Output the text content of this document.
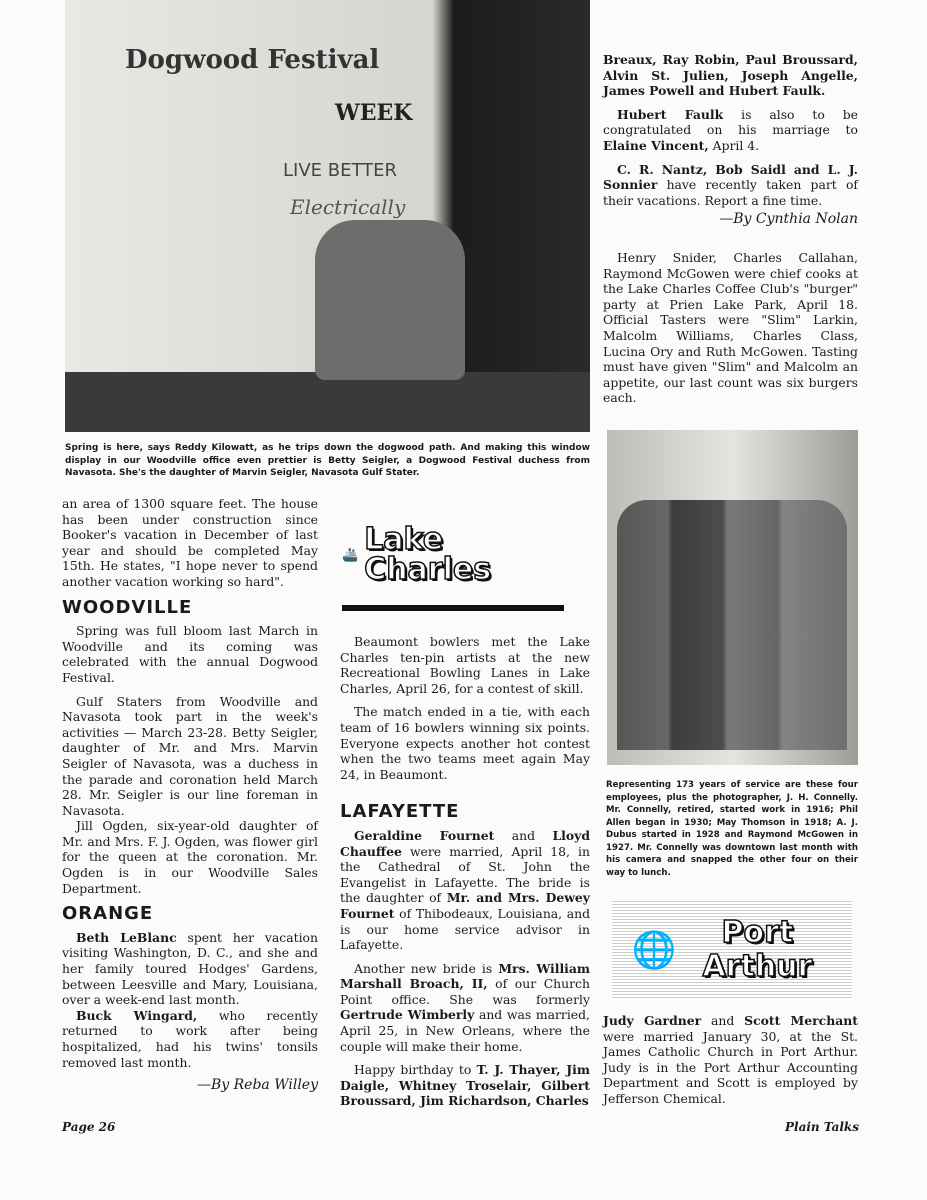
Dogwood Festival
WEEK
LIVE BETTER
Electrically
Spring is here, says Reddy Kilowatt, as he trips down the dogwood path. And making this window display in our Woodville office even prettier is Betty Seigler, a Dogwood Festival duchess from Navasota. She's the daughter of Marvin Seigler, Navasota Gulf Stater.

an area of 1300 square feet. The house has been under construction since Booker's vacation in December of last year and should be completed May 15th. He states, "I hope never to spend another vacation working so hard".

WOODVILLE

Spring was full bloom last March in Woodville and its coming was celebrated with the annual Dogwood Festival.

Gulf Staters from Woodville and Navasota took part in the week's activities — March 23-28. Betty Seigler, daughter of Mr. and Mrs. Marvin Seigler of Navasota, was a duchess in the parade and coronation held March 28. Mr. Seigler is our line foreman in Navasota.

Jill Ogden, six-year-old daughter of Mr. and Mrs. F. J. Ogden, was flower girl for the queen at the coronation. Mr. Ogden is in our Woodville Sales Department.

ORANGE

Beth LeBlanc spent her vacation visiting Washington, D. C., and she and her family toured Hodges' Gardens, between Leesville and Mary, Louisiana, over a week-end last month.

Buck Wingard, who recently returned to work after being hospitalized, had his twins' tonsils removed last month.

—By Reba Willey
🚢 Lake Charles

Beaumont bowlers met the Lake Charles ten-pin artists at the new Recreational Bowling Lanes in Lake Charles, April 26, for a contest of skill.

The match ended in a tie, with each team of 16 bowlers winning six points. Everyone expects another hot contest when the two teams meet again May 24, in Beaumont.

LAFAYETTE

Geraldine Fournet and Lloyd Chauffee were married, April 18, in the Cathedral of St. John the Evangelist in Lafayette. The bride is the daughter of Mr. and Mrs. Dewey Fournet of Thibodeaux, Louisiana, and is our home service advisor in Lafayette.

Another new bride is Mrs. William Marshall Broach, II, of our Church Point office. She was formerly Gertrude Wimberly and was married, April 25, in New Orleans, where the couple will make their home.

Happy birthday to T. J. Thayer, Jim Daigle, Whitney Troselair, Gilbert Broussard, Jim Richardson, Charles

Breaux, Ray Robin, Paul Broussard, Alvin St. Julien, Joseph Angelle, James Powell and Hubert Faulk.

Hubert Faulk is also to be congratulated on his marriage to Elaine Vincent, April 4.

C. R. Nantz, Bob Saidl and L. J. Sonnier have recently taken part of their vacations. Report a fine time.

—By Cynthia Nolan

Henry Snider, Charles Callahan, Raymond McGowen were chief cooks at the Lake Charles Coffee Club's "burger" party at Prien Lake Park, April 18. Official Tasters were "Slim" Larkin, Malcolm Williams, Charles Class, Lucina Ory and Ruth McGowen. Tasting must have given "Slim" and Malcolm an appetite, our last count was six burgers each.

Representing 173 years of service are these four employees, plus the photographer, J. H. Connelly. Mr. Connelly, retired, started work in 1916; Phil Allen began in 1930; May Thomson in 1918; A. J. Dubus started in 1928 and Raymond McGowen in 1927. Mr. Connelly was downtown last month with his camera and snapped the other four on their way to lunch.
🌐	Port Arthur

Judy Gardner and Scott Merchant were married January 30, at the St. James Catholic Church in Port Arthur. Judy is in the Port Arthur Accounting Department and Scott is employed by Jefferson Chemical.

Page 26	Plain Talks
